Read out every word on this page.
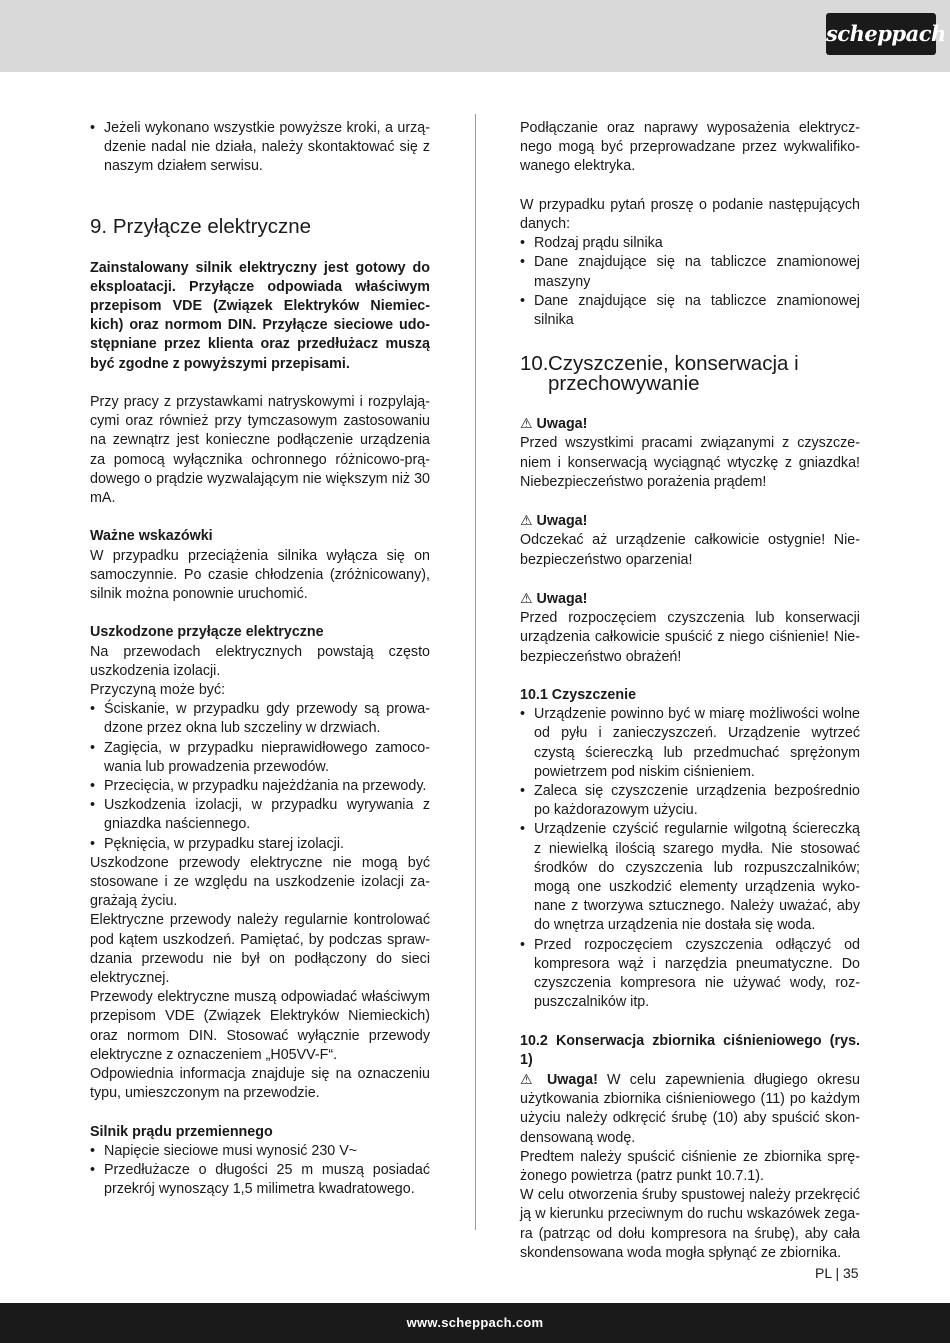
scheppach
• Jeżeli wykonano wszystkie powyższe kroki, a urządzenie nadal nie działa, należy skontaktować się z naszym działem serwisu.
9. Przyłącze elektryczne

Zainstalowany silnik elektryczny jest gotowy do eksploatacji. Przyłącze odpowiada właściwym przepisom VDE (Związek Elektryków Niemieckich) oraz normom DIN. Przyłącze sieciowe udostępniane przez klienta oraz przedłużacz muszą być zgodne z powyższymi przepisami.

Przy pracy z przystawkami natryskowymi i rozpylającymi oraz również przy tymczasowym zastosowaniu na zewnątrz jest konieczne podłączenie urządzenia za pomocą wyłącznika ochronnego różnicowo-prądowego o prądzie wyzwalającym nie większym niż 30 mA.

Ważne wskazówki

W przypadku przeciążenia silnika wyłącza się on samoczynnie. Po czasie chłodzenia (zróżnicowany), silnik można ponownie uruchomić.

Uszkodzone przyłącze elektryczne

Na przewodach elektrycznych powstają często uszkodzenia izolacji.

Przyczyną może być:

• Ściskanie, w przypadku gdy przewody są prowadzone przez okna lub szczeliny w drzwiach.
• Zagięcia, w przypadku nieprawidłowego zamocowania lub prowadzenia przewodów.
• Przecięcia, w przypadku najeżdżania na przewody.
• Uszkodzenia izolacji, w przypadku wyrywania z gniazdka naściennego.
• Pęknięcia, w przypadku starej izolacji.

Uszkodzone przewody elektryczne nie mogą być stosowane i ze względu na uszkodzenie izolacji zagrażają życiu.

Elektryczne przewody należy regularnie kontrolować pod kątem uszkodzeń. Pamiętać, by podczas sprawdzania przewodu nie był on podłączony do sieci elektrycznej.

Przewody elektryczne muszą odpowiadać właściwym przepisom VDE (Związek Elektryków Niemieckich) oraz normom DIN. Stosować wyłącznie przewody elektryczne z oznaczeniem „H05VV-F“.

Odpowiednia informacja znajduje się na oznaczeniu typu, umieszczonym na przewodzie.

Silnik prądu przemiennego

• Napięcie sieciowe musi wynosić 230 V~
• Przedłużacze o długości 25 m muszą posiadać przekrój wynoszący 1,5 milimetra kwadratowego.

Podłączanie oraz naprawy wyposażenia elektrycznego mogą być przeprowadzane przez wykwalifikowanego elektryka.

W przypadku pytań proszę o podanie następujących danych:

• Rodzaj prądu silnika
• Dane znajdujące się na tabliczce znamionowej maszyny
• Dane znajdujące się na tabliczce znamionowej silnika
10. Czyszczenie, konserwacja i przechowywanie

⚠ Uwaga!

Przed wszystkimi pracami związanymi z czyszczeniem i konserwacją wyciągnąć wtyczkę z gniazdka! Niebezpieczeństwo porażenia prądem!

⚠ Uwaga!

Odczekać aż urządzenie całkowicie ostygnie! Niebezpieczeństwo oparzenia!

⚠ Uwaga!

Przed rozpoczęciem czyszczenia lub konserwacji urządzenia całkowicie spuścić z niego ciśnienie! Niebezpieczeństwo obrażeń!

10.1 Czyszczenie

• Urządzenie powinno być w miarę możliwości wolne od pyłu i zanieczyszczeń. Urządzenie wytrzeć czystą ściereczką lub przedmuchać sprężonym powietrzem pod niskim ciśnieniem.
• Zaleca się czyszczenie urządzenia bezpośrednio po każdorazowym użyciu.
• Urządzenie czyścić regularnie wilgotną ściereczką z niewielką ilością szarego mydła. Nie stosować środków do czyszczenia lub rozpuszczalników; mogą one uszkodzić elementy urządzenia wykonane z tworzywa sztucznego. Należy uważać, aby do wnętrza urządzenia nie dostała się woda.
• Przed rozpoczęciem czyszczenia odłączyć od kompresora wąż i narzędzia pneumatyczne. Do czyszczenia kompresora nie używać wody, rozpuszczalników itp.

10.2 Konserwacja zbiornika ciśnieniowego (rys. 1)

⚠ Uwaga! W celu zapewnienia długiego okresu użytkowania zbiornika ciśnieniowego (11) po każdym użyciu należy odkręcić śrubę (10) aby spuścić skondensowaną wodę.

Predtem należy spuścić ciśnienie ze zbiornika sprężonego powietrza (patrz punkt 10.7.1).

W celu otworzenia śruby spustowej należy przekręcić ją w kierunku przeciwnym do ruchu wskazówek zegara (patrząc od dołu kompresora na śrubę), aby cała skondensowana woda mogła spłynąć ze zbiornika.

PL | 35
www.scheppach.com
